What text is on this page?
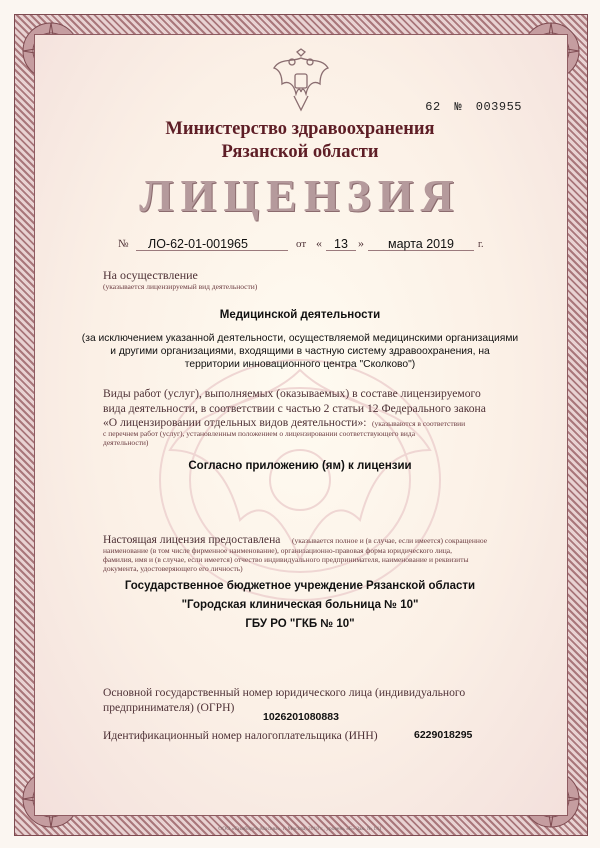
62 № 003955
Министерство здравоохранения
Рязанской области
ЛИЦЕНЗИЯ
№	ЛО-62-01-001965	от « 13 »	марта 2019	г.
На осуществление
(указывается лицензируемый вид деятельности)
Медицинской деятельности
(за исключением указанной деятельности, осуществляемой медицинскими организациями
и другими организациями, входящими в частную систему здравоохранения, на
территории инновационного центра "Сколково")
Виды работ (услуг), выполняемых (оказываемых) в составе лицензируемого
вида деятельности, в соответствии с частью 2 статьи 12 Федерального закона
«О лицензировании отдельных видов деятельности»: (указываются в соответствии
с перечнем работ (услуг), установленным положением о лицензировании соответствующего вида
деятельности)
Согласно приложению (ям) к лицензии
Настоящая лицензия предоставлена (указывается полное и (в случае, если имеется) сокращенное
наименование (в том числе фирменное наименование), организационно-правовая форма юридического лица,
фамилия, имя и (в случае, если имеется) отчество индивидуального предпринимателя, наименование и реквизиты
документа, удостоверяющего его личность)
Государственное бюджетное учреждение Рязанской области
"Городская клиническая больница № 10"
ГБУ РО "ГКБ № 10"
Основной государственный номер юридического лица (индивидуального
предпринимателя) (ОГРН)
1026201080883
Идентификационный номер налогоплательщика (ИНН)	6229018295
ООО «Симбирск-Москва», г. Москва, 2018 г., уровень «Б» Зак. № 141
